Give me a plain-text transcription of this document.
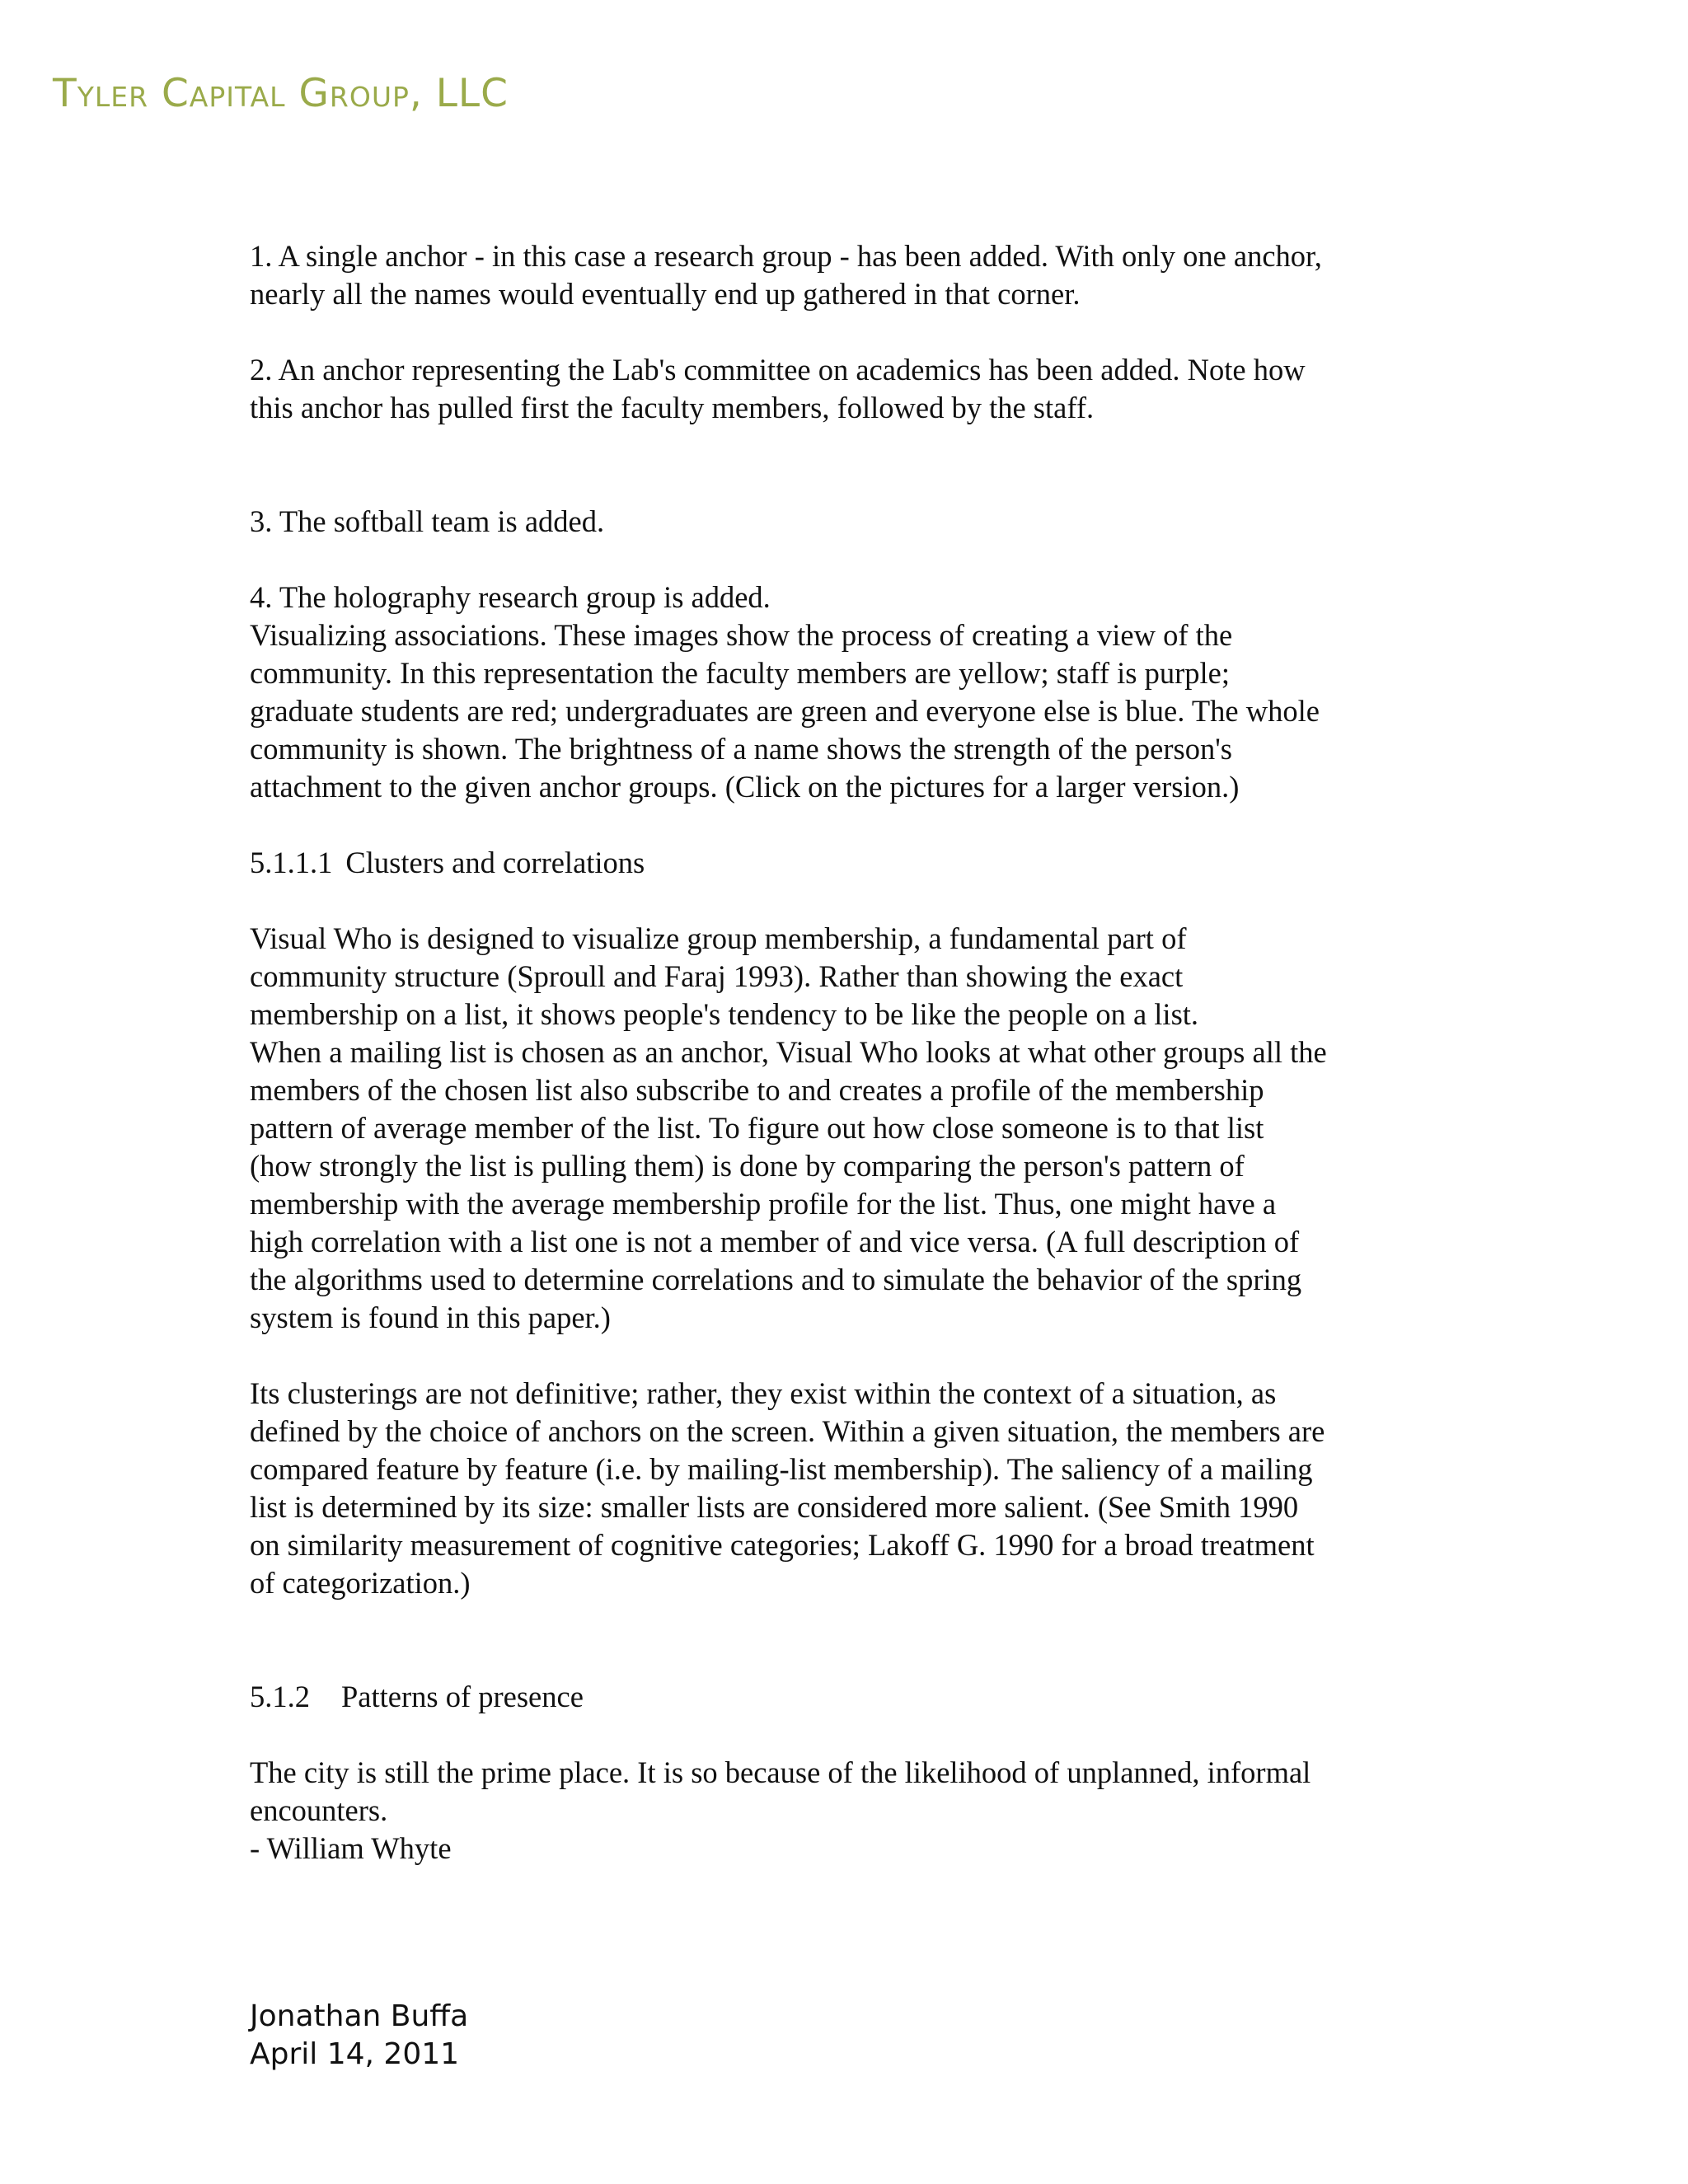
Tyler Capital Group, LLC
1. A single anchor - in this case a research group - has been added. With only one anchor,
nearly all the names would eventually end up gathered in that corner.
2. An anchor representing the Lab's committee on academics has been added. Note how
this anchor has pulled first the faculty members, followed by the staff.
3. The softball team is added.
4. The holography research group is added.
Visualizing associations. These images show the process of creating a view of the
community. In this representation the faculty members are yellow; staff is purple;
graduate students are red; undergraduates are green and everyone else is blue. The whole
community is shown. The brightness of a name shows the strength of the person's
attachment to the given anchor groups. (Click on the pictures for a larger version.)
5.1.1.1 Clusters and correlations
Visual Who is designed to visualize group membership, a fundamental part of
community structure (Sproull and Faraj 1993). Rather than showing the exact
membership on a list, it shows people's tendency to be like the people on a list.
When a mailing list is chosen as an anchor, Visual Who looks at what other groups all the
members of the chosen list also subscribe to and creates a profile of the membership
pattern of average member of the list. To figure out how close someone is to that list
(how strongly the list is pulling them) is done by comparing the person's pattern of
membership with the average membership profile for the list. Thus, one might have a
high correlation with a list one is not a member of and vice versa. (A full description of
the algorithms used to determine correlations and to simulate the behavior of the spring
system is found in this paper.)
Its clusterings are not definitive; rather, they exist within the context of a situation, as
defined by the choice of anchors on the screen. Within a given situation, the members are
compared feature by feature (i.e. by mailing-list membership). The saliency of a mailing
list is determined by its size: smaller lists are considered more salient. (See Smith 1990
on similarity measurement of cognitive categories; Lakoff G. 1990 for a broad treatment
of categorization.)
5.1.2 Patterns of presence
The city is still the prime place. It is so because of the likelihood of unplanned, informal
encounters.
- William Whyte
Jonathan Buffa
April 14, 2011
